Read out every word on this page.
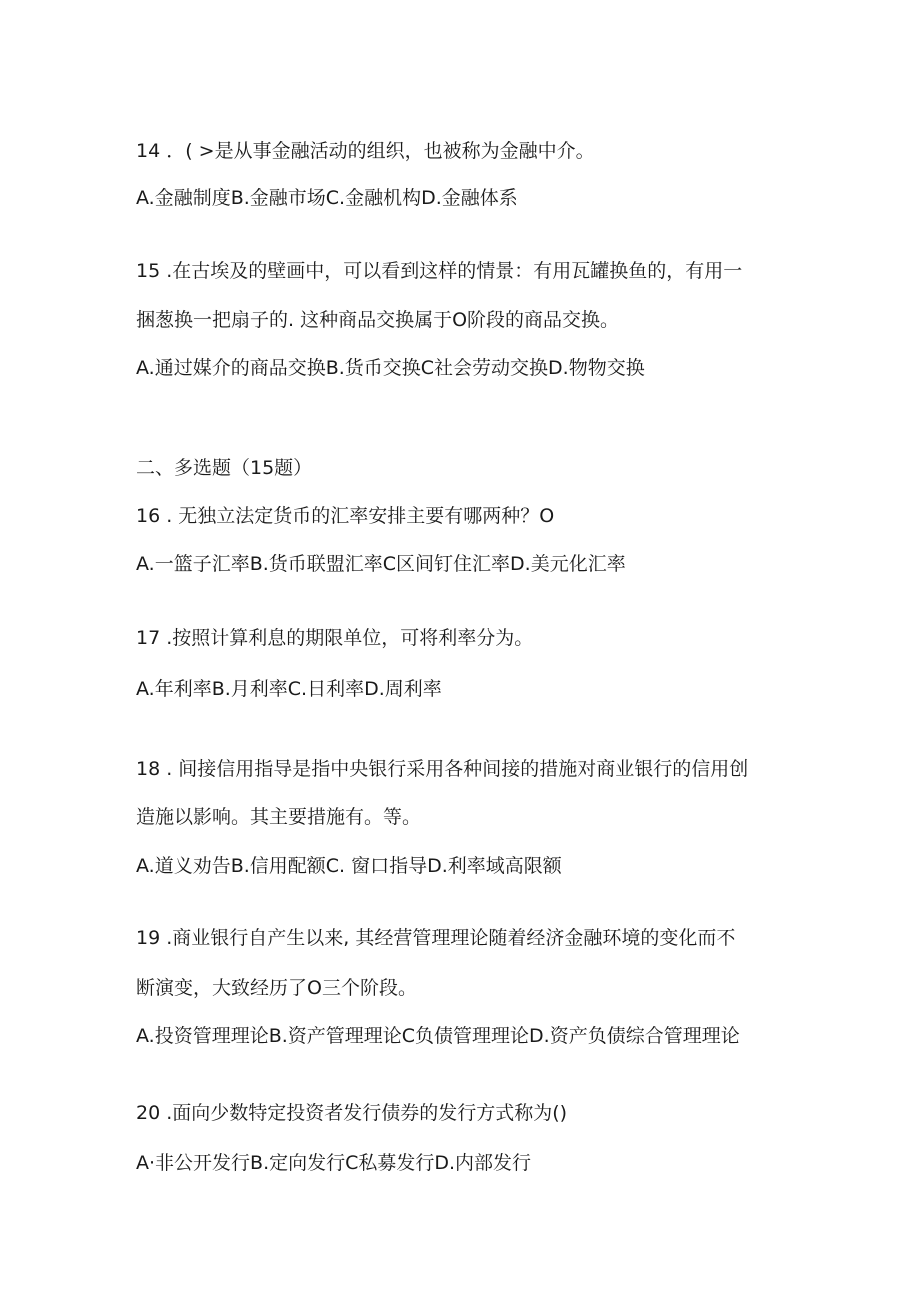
14 ．( >是从事金融活动的组织，也被称为金融中介。
A.金融制度B.金融市场C.金融机构D.金融体系
15 .在古埃及的壁画中，可以看到这样的情景：有用瓦罐换鱼的，有用一
捆葱换一把扇子的. 这种商品交换属于O阶段的商品交换。
A.通过媒介的商品交换B.货币交换C社会劳动交换D.物物交换
二、多选题（15题）
16 . 无独立法定货币的汇率安排主要有哪两种？O
A.一篮子汇率B.货币联盟汇率C区间钉住汇率D.美元化汇率
17 .按照计算利息的期限单位，可将利率分为。
A.年利率B.月利率C.日利率D.周利率
18 . 间接信用指导是指中央银行采用各种间接的措施对商业银行的信用创
造施以影响。其主要措施有。等。
A.道义劝告B.信用配额C. 窗口指导D.利率域高限额
19 .商业银行自产生以来, 其经营管理理论随着经济金融环境的变化而不
断演变，大致经历了O三个阶段。
A.投资管理理论B.资产管理理论C负债管理理论D.资产负债综合管理理论
20 .面向少数特定投资者发行债券的发行方式称为()
A·非公开发行B.定向发行C私募发行D.内部发行
